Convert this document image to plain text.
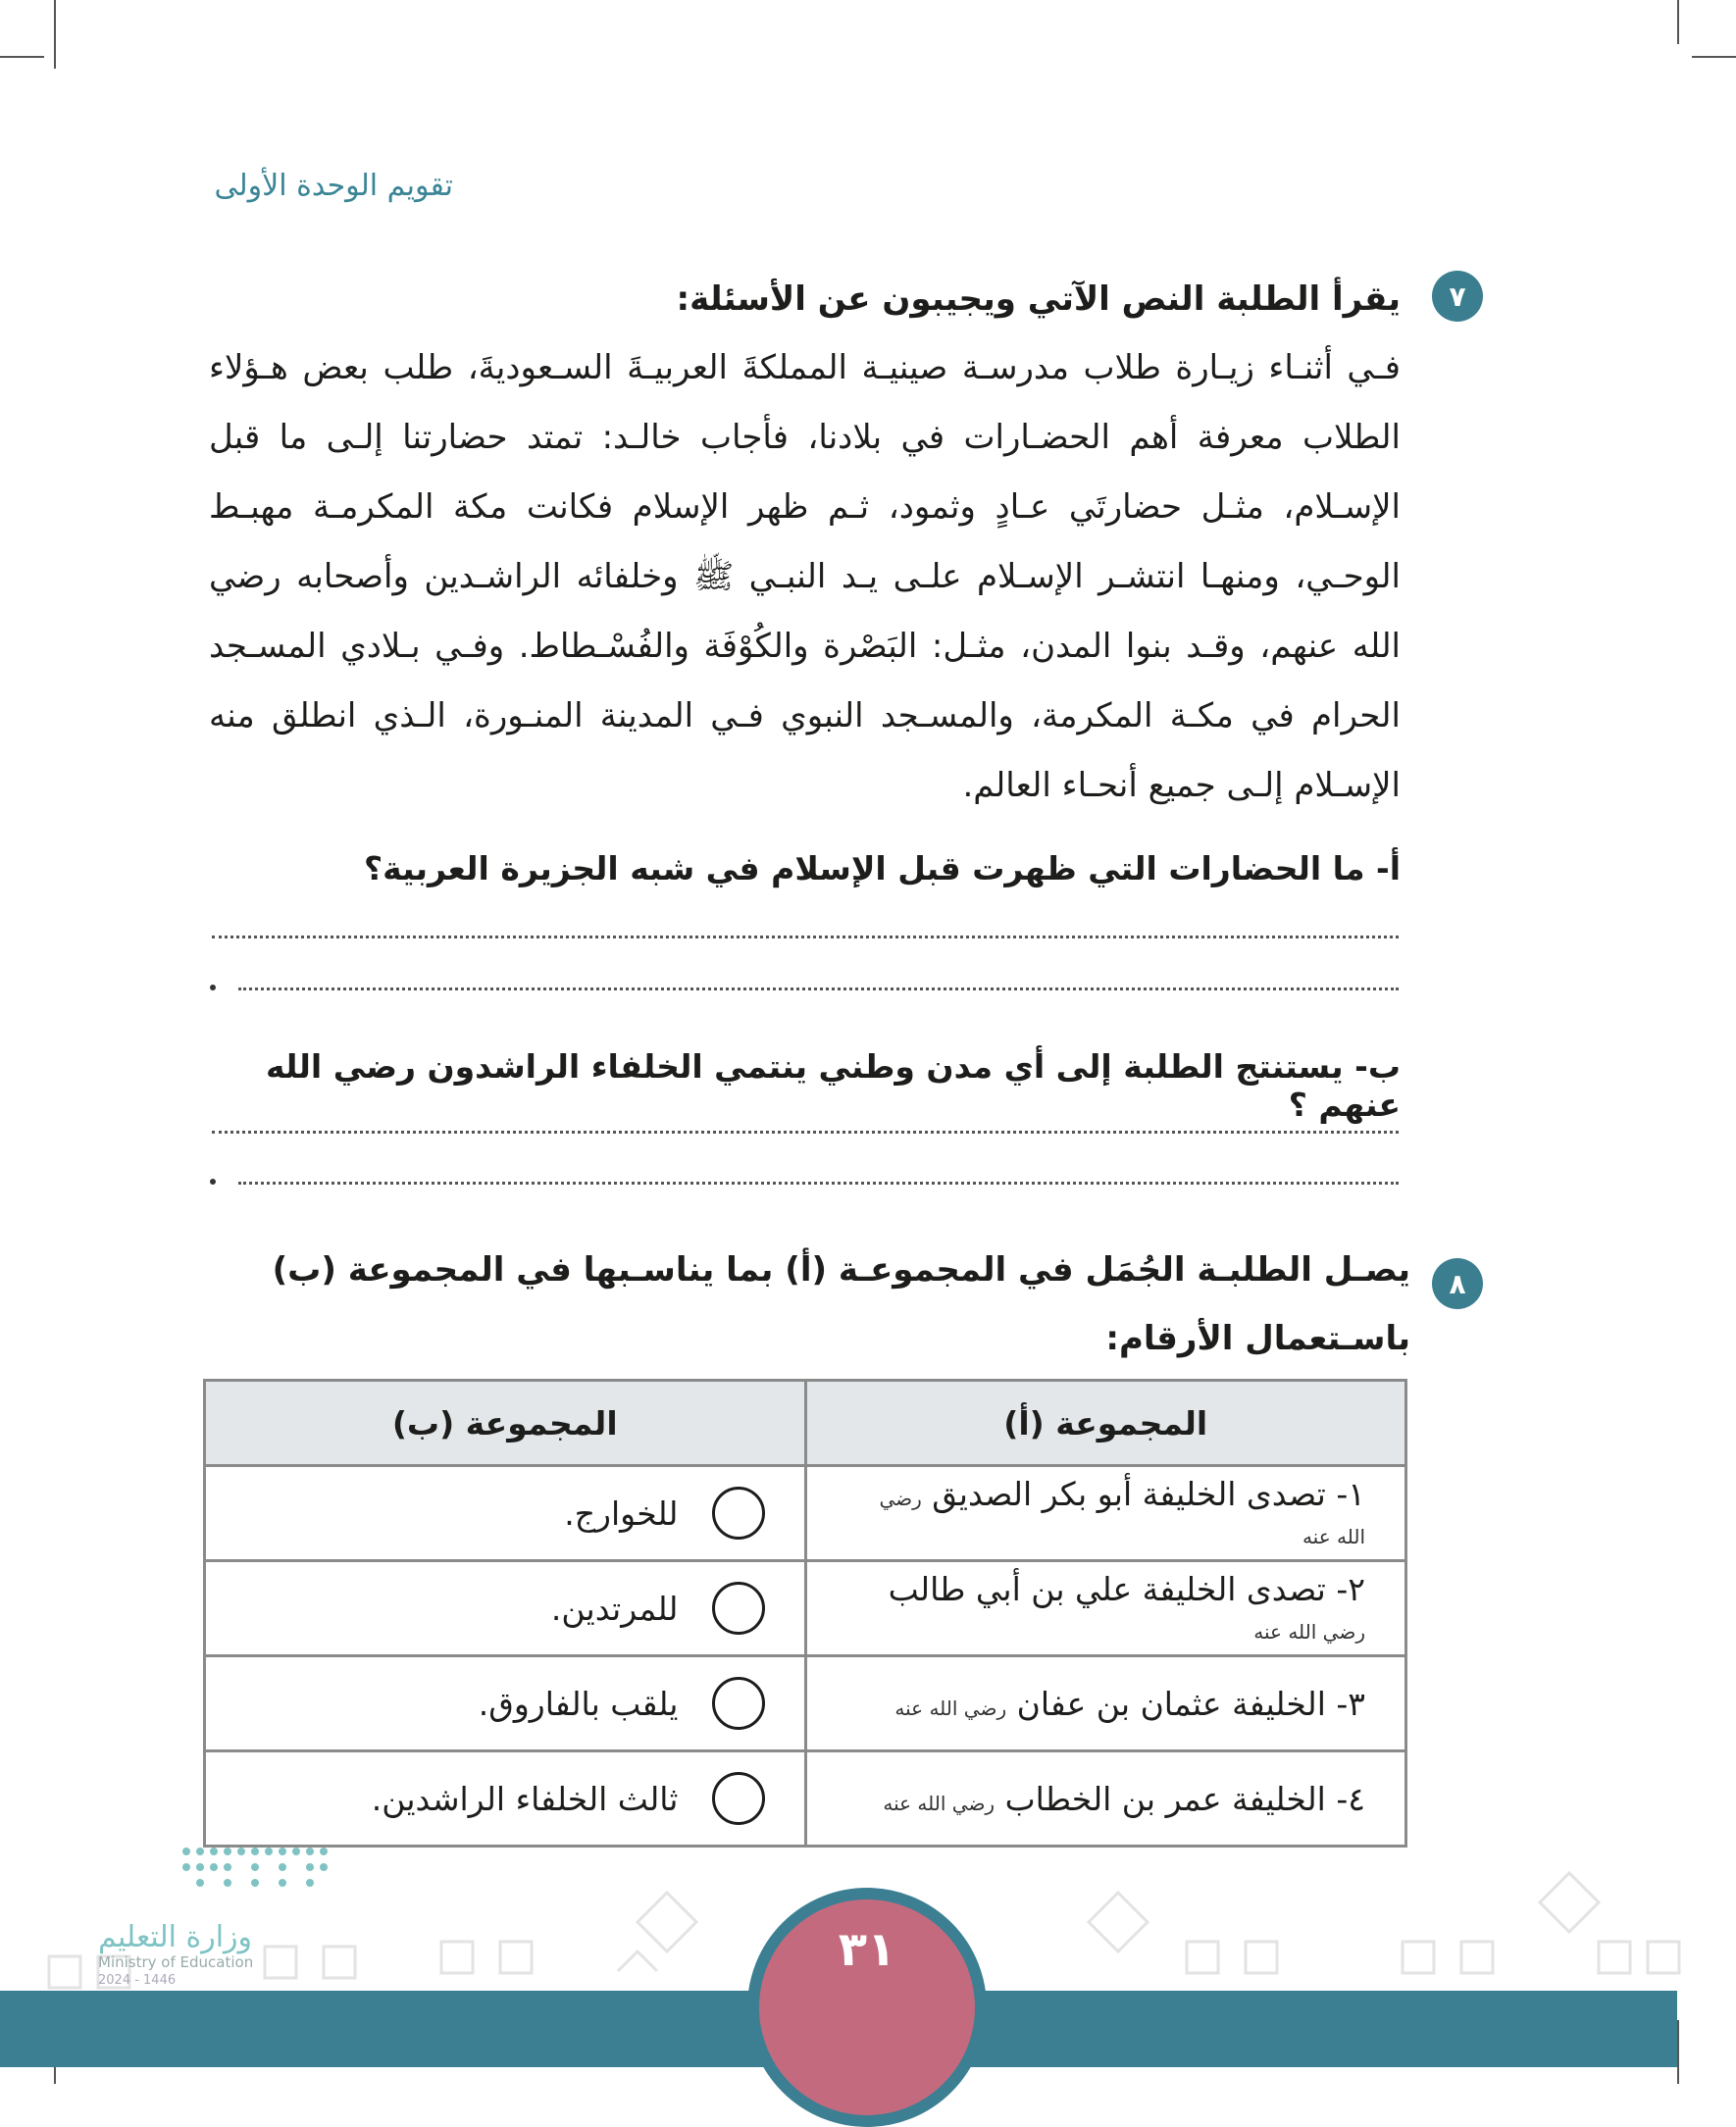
تقويم الوحدة الأولى
٧
يقرأ الطلبة النص الآتي ويجيبون عن الأسئلة:
فـي أثنـاء زيـارة طلاب مدرسـة صينيـة المملكةَ العربيـةَ السـعوديةَ، طلب بعض هـؤلاء الطلاب معرفة أهم الحضـارات في بلادنا، فأجاب خالـد: تمتد حضارتنا إلـى ما قبل الإسـلام، مثـل حضارتَي عـادٍ وثمود، ثـم ظهر الإسلام فكانت مكة المكرمـة مهبـط الوحـي، ومنهـا انتشـر الإسـلام علـى يـد النبـي ﷺ وخلفائه الراشـدين وأصحابه رضي الله عنهم، وقـد بنوا المدن، مثـل: البَصْرة والكُوْفَة والفُسْـطاط. وفـي بـلادي المسـجد الحرام في مكـة المكرمة، والمسـجد النبوي فـي المدينة المنـورة، الـذي انطلق منه الإسـلام إلـى جميع أنحـاء العالم.
أ- ما الحضارات التي ظهرت قبل الإسلام في شبه الجزيرة العربية؟
ب- يستنتج الطلبة إلى أي مدن وطني ينتمي الخلفاء الراشدون رضي الله عنهم ؟
٨
يصـل الطلبـة الجُمَل في المجموعـة (أ) بما يناسـبها في المجموعة (ب) باسـتعمال الأرقام:
المجموعة (أ)	المجموعة (ب)
١- تصدى الخليفة أبو بكر الصديق رضي الله عنه	للخوارج.

٢- تصدى الخليفة علي بن أبي طالب رضي الله عنه	للمرتدين.

٣- الخليفة عثمان بن عفان رضي الله عنه	يلقب بالفاروق.

٤- الخليفة عمر بن الخطاب رضي الله عنه	ثالث الخلفاء الراشدين.
وزارة التعليم
Ministry of Education
2024 - 1446
٣١
